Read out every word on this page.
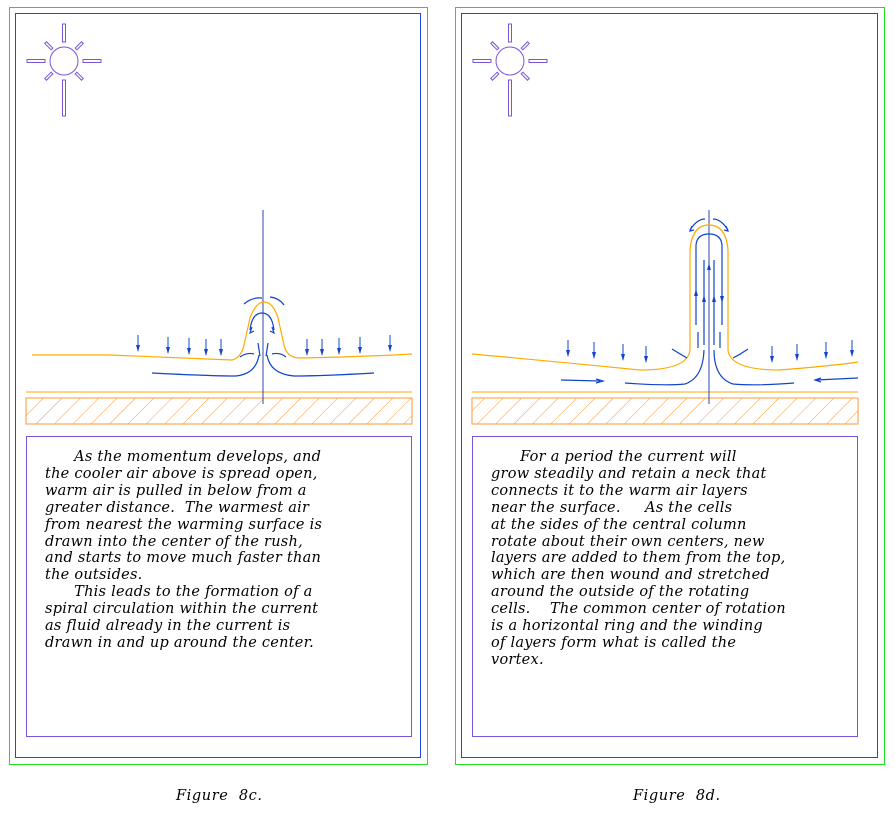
As the momentum develops, and
the cooler air above is spread open,
warm air is pulled in below from a
greater distance.  The warmest air
from nearest the warming surface is
drawn into the center of the rush,
and starts to move much faster than
the outsides.

This leads to the formation of a
spiral circulation within the current
as fluid already in the current is
drawn in and up around the center.

For a period the current will
grow steadily and retain a neck that
connects it to the warm air layers
near the surface.     As the cells
at the sides of the central column
rotate about their own centers, new
layers are added to them from the top,
which are then wound and stretched
around the outside of the rotating
cells.    The common center of rotation
is a horizontal ring and the winding
of layers form what is called the
vortex.

Figure  8c.	Figure  8d.
